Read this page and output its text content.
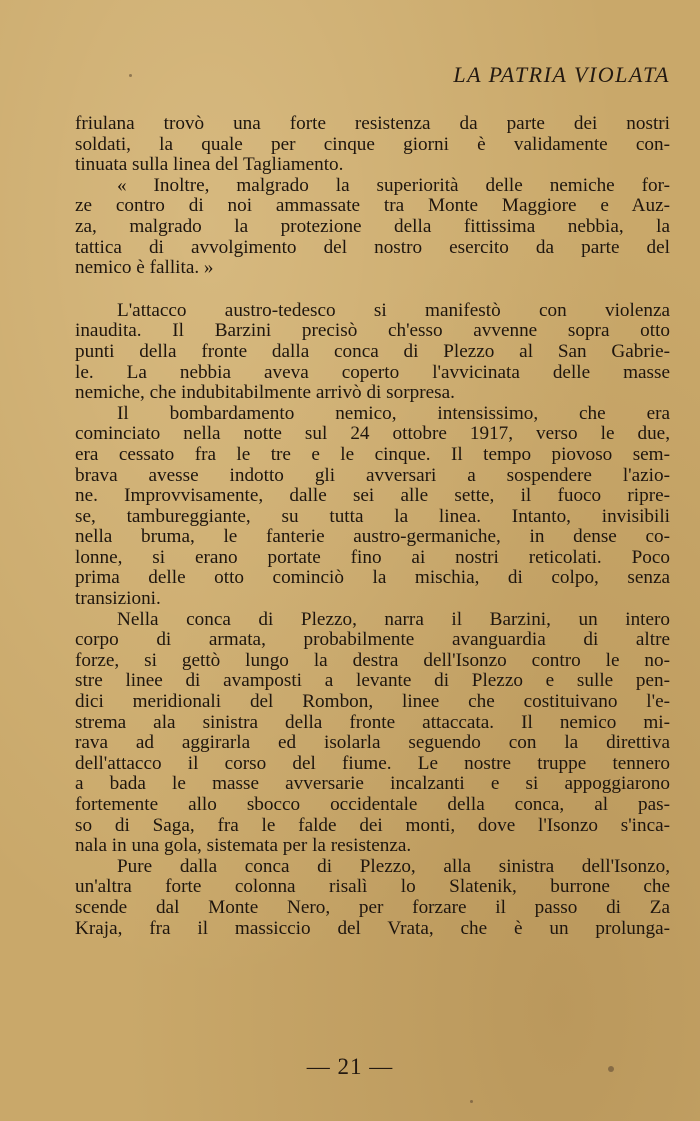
LA PATRIA VIOLATA

friulana trovò una forte resistenza da parte dei nostri

soldati, la quale per cinque giorni è validamente con-

tinuata sulla linea del Tagliamento.

« Inoltre, malgrado la superiorità delle nemiche for-

ze contro di noi ammassate tra Monte Maggiore e Auz-

za, malgrado la protezione della fittissima nebbia, la

tattica di avvolgimento del nostro esercito da parte del

nemico è fallita. »

L'attacco austro-tedesco si manifestò con violenza

inaudita. Il Barzini precisò ch'esso avvenne sopra otto

punti della fronte dalla conca di Plezzo al San Gabrie-

le. La nebbia aveva coperto l'avvicinata delle masse

nemiche, che indubitabilmente arrivò di sorpresa.

Il bombardamento nemico, intensissimo, che era

cominciato nella notte sul 24 ottobre 1917, verso le due,

era cessato fra le tre e le cinque. Il tempo piovoso sem-

brava avesse indotto gli avversari a sospendere l'azio-

ne. Improvvisamente, dalle sei alle sette, il fuoco ripre-

se, tambureggiante, su tutta la linea. Intanto, invisibili

nella bruma, le fanterie austro-germaniche, in dense co-

lonne, si erano portate fino ai nostri reticolati. Poco

prima delle otto cominciò la mischia, di colpo, senza

transizioni.

Nella conca di Plezzo, narra il Barzini, un intero

corpo di armata, probabilmente avanguardia di altre

forze, si gettò lungo la destra dell'Isonzo contro le no-

stre linee di avamposti a levante di Plezzo e sulle pen-

dici meridionali del Rombon, linee che costituivano l'e-

strema ala sinistra della fronte attaccata. Il nemico mi-

rava ad aggirarla ed isolarla seguendo con la direttiva

dell'attacco il corso del fiume. Le nostre truppe tennero

a bada le masse avversarie incalzanti e si appoggiarono

fortemente allo sbocco occidentale della conca, al pas-

so di Saga, fra le falde dei monti, dove l'Isonzo s'inca-

nala in una gola, sistemata per la resistenza.

Pure dalla conca di Plezzo, alla sinistra dell'Isonzo,

un'altra forte colonna risalì lo Slatenik, burrone che

scende dal Monte Nero, per forzare il passo di Za

Kraja, fra il massiccio del Vrata, che è un prolunga-

— 21 —
